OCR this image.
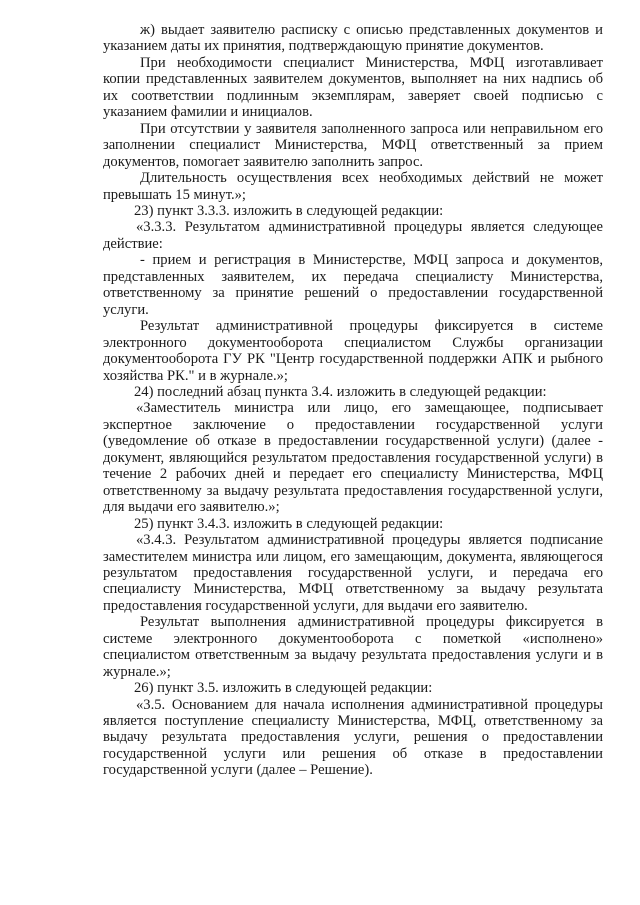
ж) выдает заявителю расписку с описью представленных документов и указанием даты их принятия, подтверждающую принятие документов.

При необходимости специалист Министерства, МФЦ изготавливает копии представленных заявителем документов, выполняет на них надпись об их соответствии подлинным экземплярам, заверяет своей подписью с указанием фамилии и инициалов.

При отсутствии у заявителя заполненного запроса или неправильном его заполнении специалист Министерства, МФЦ ответственный за прием документов, помогает заявителю заполнить запрос.

Длительность осуществления всех необходимых действий не может превышать 15 минут.»;

23) пункт 3.3.3. изложить в следующей редакции:

«3.3.3. Результатом административной процедуры является следующее действие:

- прием и регистрация в Министерстве, МФЦ запроса и документов, представленных заявителем, их передача специалисту Министерства, ответственному за принятие решений о предоставлении государственной услуги.

Результат административной процедуры фиксируется в системе электронного документооборота специалистом Службы организации документооборота ГУ РК "Центр государственной поддержки АПК и рыбного хозяйства РК." и в журнале.»;

24) последний абзац пункта 3.4. изложить в следующей редакции:

«Заместитель министра или лицо, его замещающее, подписывает экспертное заключение о предоставлении государственной услуги (уведомление об отказе в предоставлении государственной услуги) (далее - документ, являющийся результатом предоставления государственной услуги) в течение 2 рабочих дней и передает его специалисту Министерства, МФЦ ответственному за выдачу результата предоставления государственной услуги, для выдачи его заявителю.»;

25) пункт 3.4.3. изложить в следующей редакции:

«3.4.3. Результатом административной процедуры является подписание заместителем министра или лицом, его замещающим, документа, являющегося результатом предоставления государственной услуги, и передача его специалисту Министерства, МФЦ ответственному за выдачу результата предоставления государственной услуги, для выдачи его заявителю.

Результат выполнения административной процедуры фиксируется в системе электронного документооборота с пометкой «исполнено» специалистом ответственным за выдачу результата предоставления услуги и в журнале.»;

26) пункт 3.5. изложить в следующей редакции:

«3.5. Основанием для начала исполнения административной процедуры является поступление специалисту Министерства, МФЦ, ответственному за выдачу результата предоставления услуги, решения о предоставлении государственной услуги или решения об отказе в предоставлении государственной услуги (далее – Решение).
